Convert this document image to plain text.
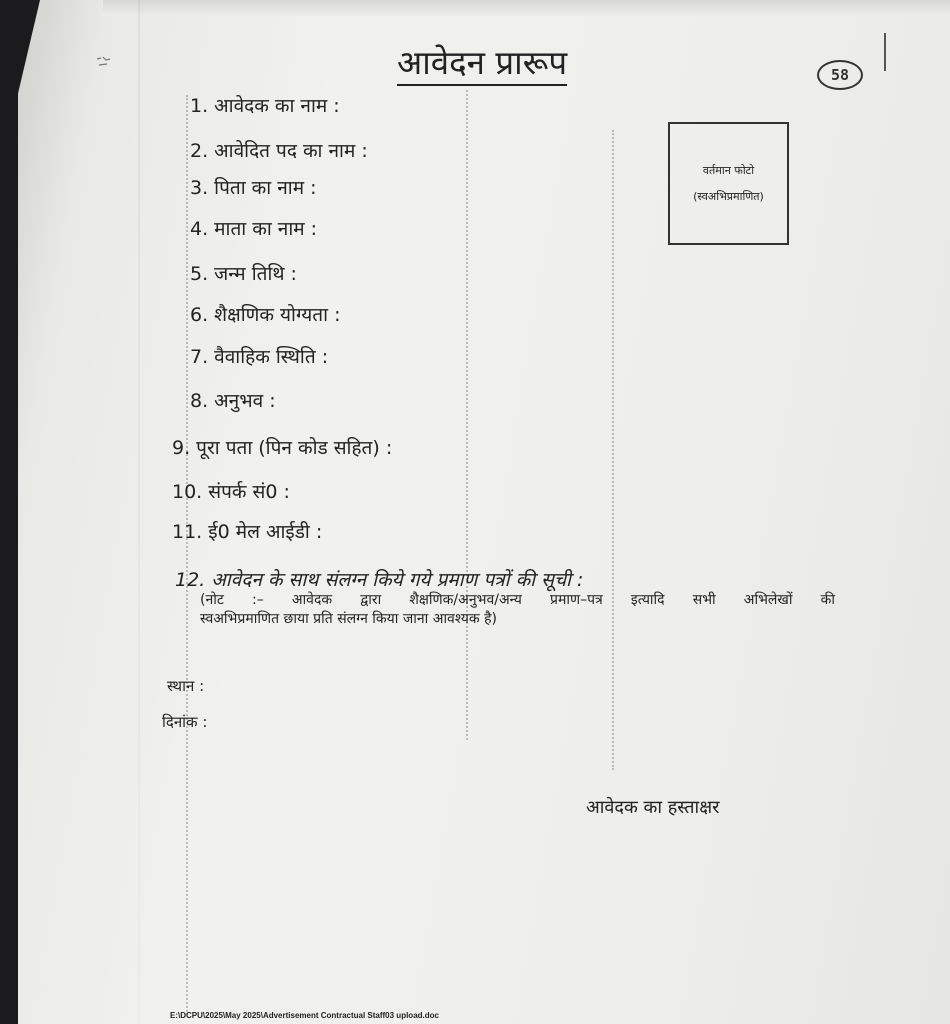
आवेदन प्रारूप	58
वर्तमान फोटो
(स्वअभिप्रमाणित)
1. आवेदक का नाम :
2. आवेदित पद का नाम :
3. पिता का नाम :
4. माता का नाम :
5. जन्म तिथि :
6. शैक्षणिक योग्यता :
7. वैवाहिक स्थिति :
8. अनुभव :
9. पूरा पता (पिन कोड सहित) :
10. संपर्क सं0 :
11. ई0 मेल आईडी :
12. आवेदन के साथ संलग्न किये गये प्रमाण पत्रों की सूची :
(नोट :– आवेदक द्वारा शैक्षणिक/अनुभव/अन्य प्रमाण–पत्र इत्यादि सभी अभिलेखों की
स्वअभिप्रमाणित छाया प्रति संलग्न किया जाना आवश्यक है)
स्थान :
दिनांक :
आवेदक का हस्ताक्षर
E:\DCPU\2025\May 2025\Advertisement Contractual Staff03 upload.doc
